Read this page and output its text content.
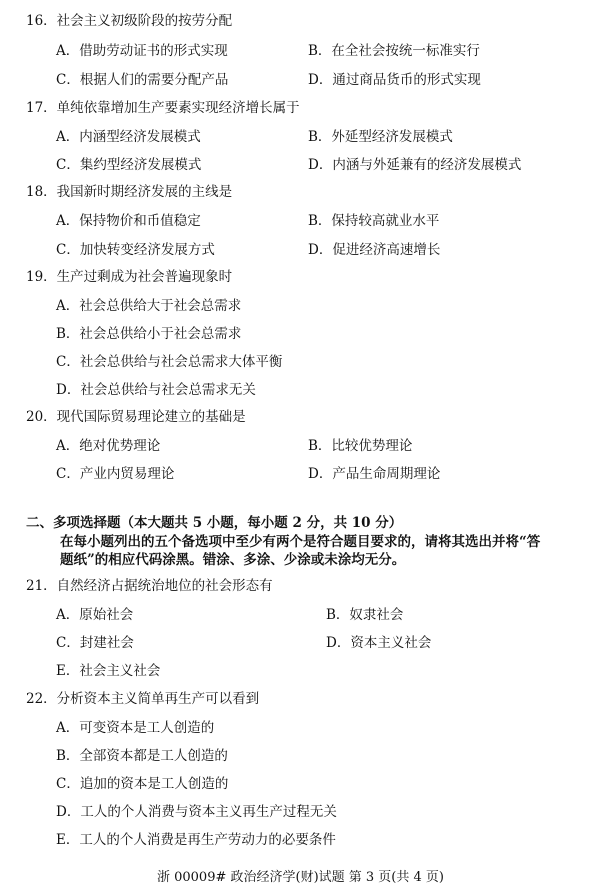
16．社会主义初级阶段的按劳分配
A．借助劳动证书的形式实现	B．在全社会按统一标准实行
C．根据人们的需要分配产品	D．通过商品货币的形式实现
17．单纯依靠增加生产要素实现经济增长属于
A．内涵型经济发展模式	B．外延型经济发展模式
C．集约型经济发展模式	D．内涵与外延兼有的经济发展模式
18．我国新时期经济发展的主线是
A．保持物价和币值稳定	B．保持较高就业水平
C．加快转变经济发展方式	D．促进经济高速增长
19．生产过剩成为社会普遍现象时
A．社会总供给大于社会总需求
B．社会总供给小于社会总需求
C．社会总供给与社会总需求大体平衡
D．社会总供给与社会总需求无关
20．现代国际贸易理论建立的基础是
A．绝对优势理论	B．比较优势理论
C．产业内贸易理论	D．产品生命周期理论
二、多项选择题（本大题共 5 小题，每小题 2 分，共 10 分）
在每小题列出的五个备选项中至少有两个是符合题目要求的，请将其选出并将“答
题纸”的相应代码涂黑。错涂、多涂、少涂或未涂均无分。
21．自然经济占据统治地位的社会形态有
A．原始社会	B．奴隶社会
C．封建社会	D．资本主义社会
E．社会主义社会
22．分析资本主义简单再生产可以看到
A．可变资本是工人创造的
B．全部资本都是工人创造的
C．追加的资本是工人创造的
D．工人的个人消费与资本主义再生产过程无关
E．工人的个人消费是再生产劳动力的必要条件
浙 00009# 政治经济学(财)试题 第 3 页(共 4 页)
